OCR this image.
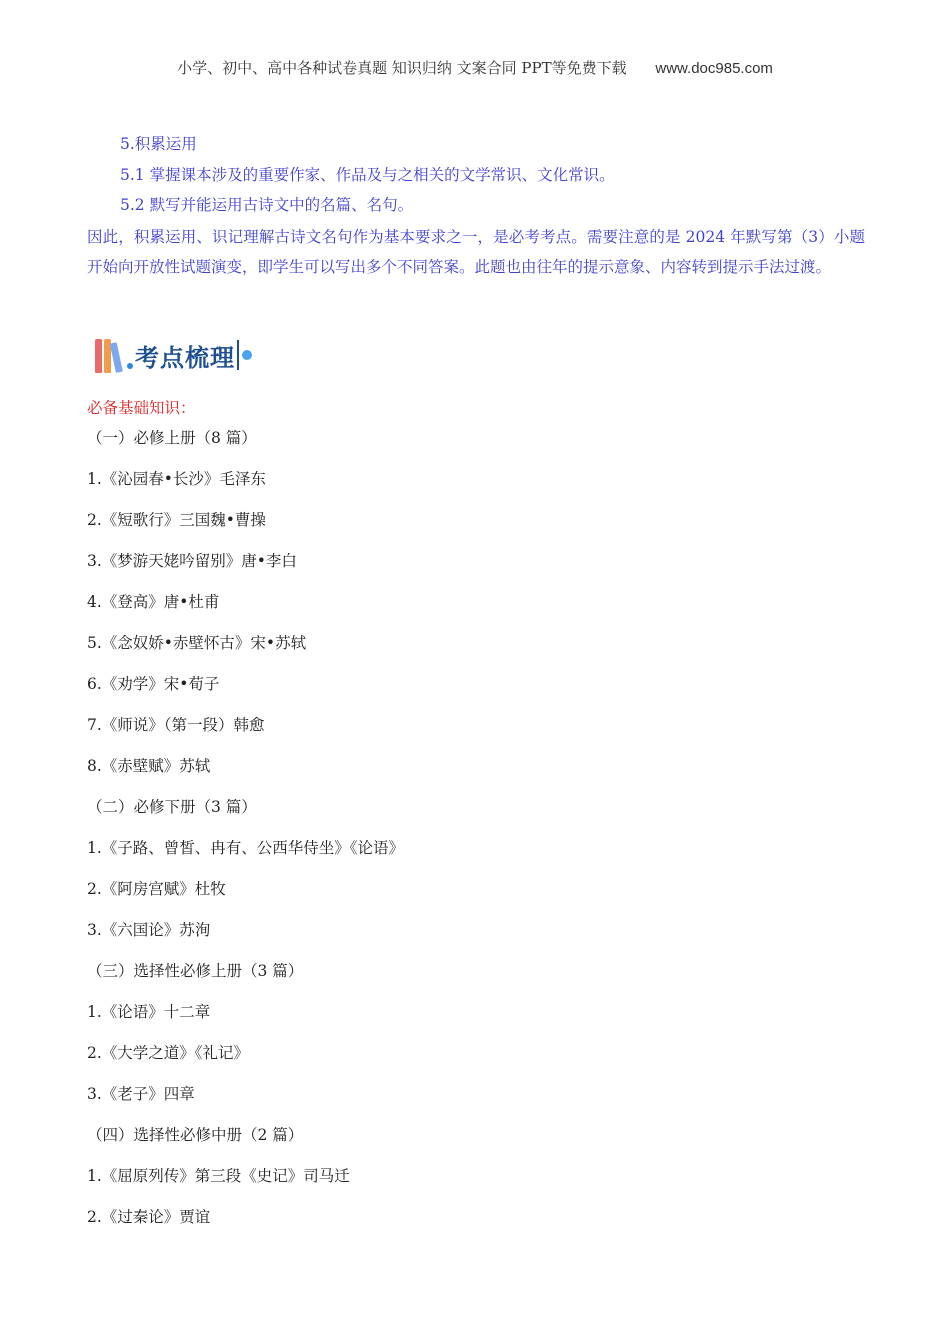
小学、初中、高中各种试卷真题 知识归纳 文案合同 PPT等免费下载 www.doc985.com
5.积累运用
5.1 掌握课本涉及的重要作家、作品及与之相关的文学常识、文化常识。
5.2 默写并能运用古诗文中的名篇、名句。
因此，积累运用、识记理解古诗文名句作为基本要求之一，是必考考点。需要注意的是 2024 年默写第（3）小题开始向开放性试题演变，即学生可以写出多个不同答案。此题也由往年的提示意象、内容转到提示手法过渡。
考点梳理
必备基础知识：
（一）必修上册（8 篇）
1.《沁园春•长沙》毛泽东
2.《短歌行》三国魏•曹操
3.《梦游天姥吟留别》唐•李白
4.《登高》唐•杜甫
5.《念奴娇•赤壁怀古》宋•苏轼
6.《劝学》宋•荀子
7.《师说》（第一段）韩愈
8.《赤壁赋》苏轼
（二）必修下册（3 篇）
1.《子路、曾皙、冉有、公西华侍坐》《论语》
2.《阿房宫赋》杜牧
3.《六国论》苏洵
（三）选择性必修上册（3 篇）
1.《论语》十二章
2.《大学之道》《礼记》
3.《老子》四章
（四）选择性必修中册（2 篇）
1.《屈原列传》第三段《史记》司马迁
2.《过秦论》贾谊
